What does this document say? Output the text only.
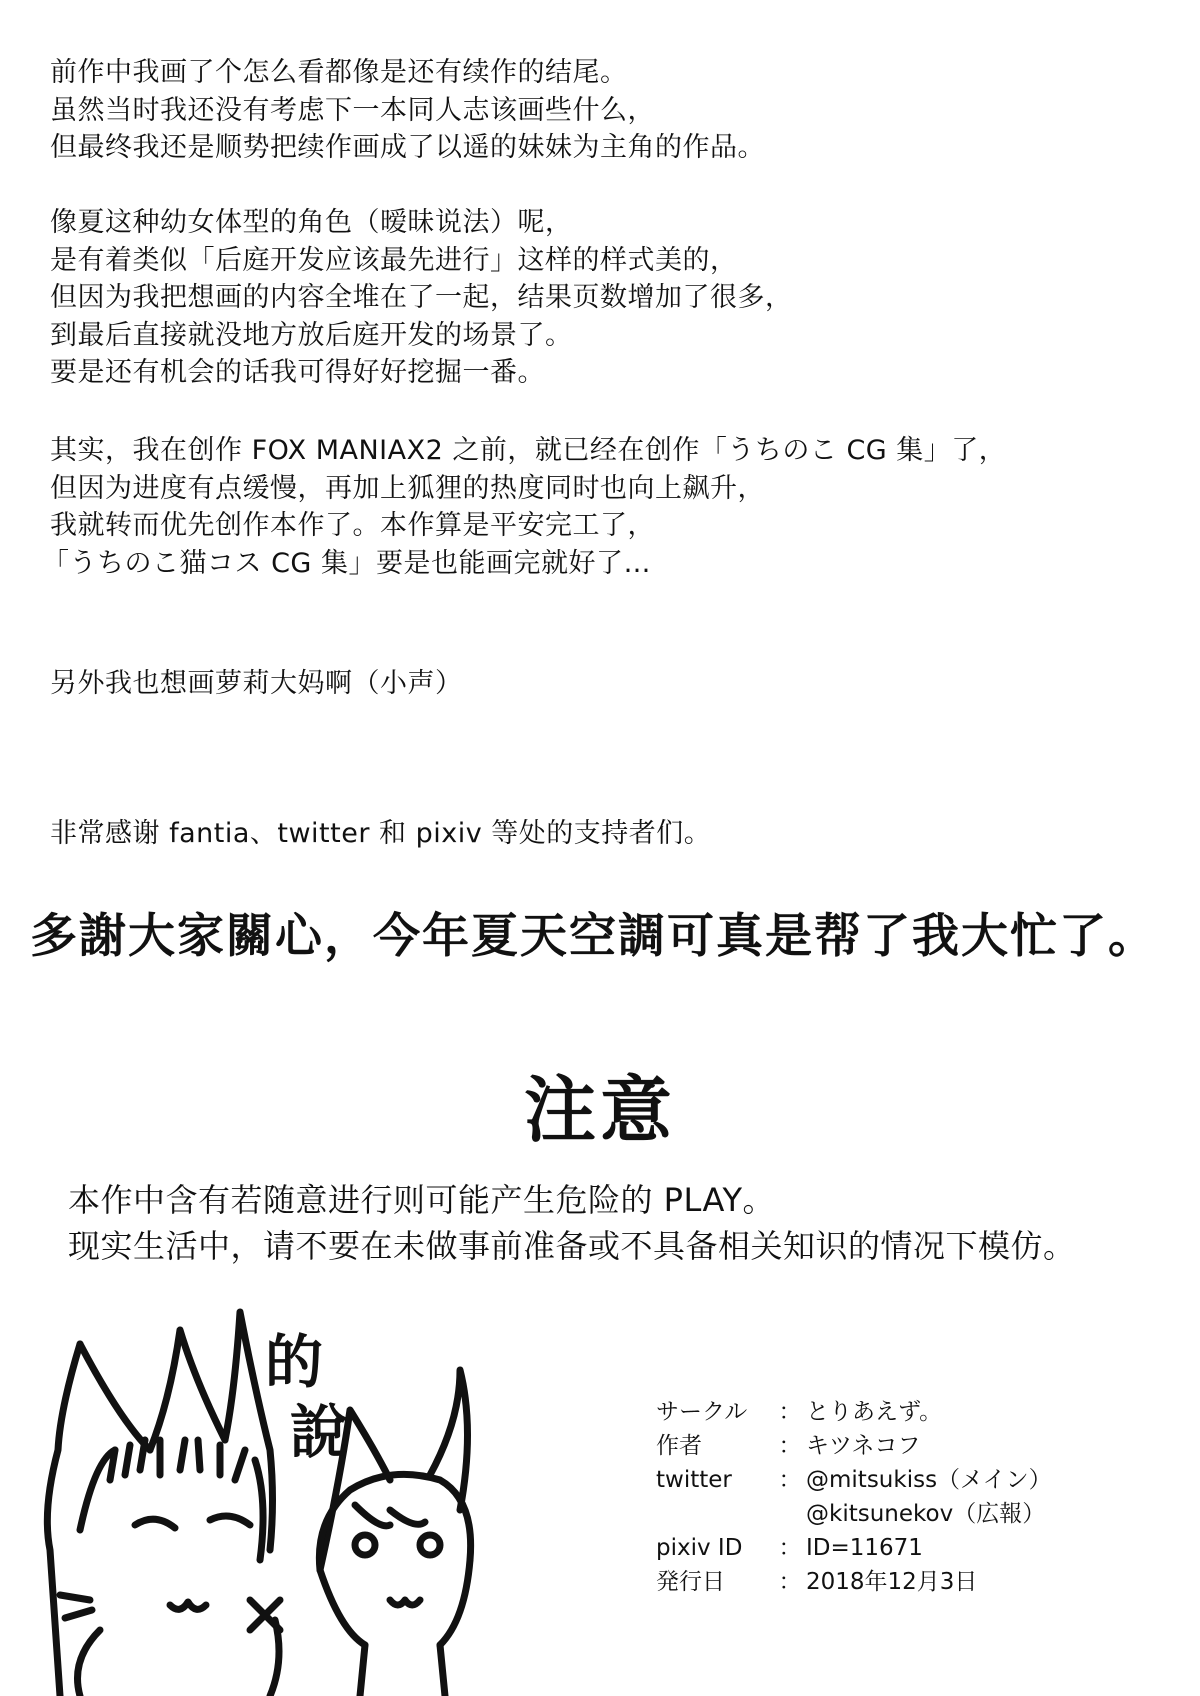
前作中我画了个怎么看都像是还有续作的结尾。
虽然当时我还没有考虑下一本同人志该画些什么，
但最终我还是顺势把续作画成了以遥的妹妹为主角的作品。
像夏这种幼女体型的角色（暧昧说法）呢，
是有着类似「后庭开发应该最先进行」这样的样式美的，
但因为我把想画的内容全堆在了一起，结果页数增加了很多，
到最后直接就没地方放后庭开发的场景了。
要是还有机会的话我可得好好挖掘一番。
其实，我在创作 FOX MANIAX2 之前，就已经在创作「うちのこ CG 集」了，
但因为进度有点缓慢，再加上狐狸的热度同时也向上飙升，
我就转而优先创作本作了。本作算是平安完工了，
「うちのこ猫コス CG 集」要是也能画完就好了…
另外我也想画萝莉大妈啊（小声）
非常感谢 fantia、twitter 和 pixiv 等处的支持者们。
多謝大家關心，今年夏天空調可真是帮了我大忙了。
注意
本作中含有若随意进行则可能产生危险的 PLAY。
现实生活中，请不要在未做事前准备或不具备相关知识的情况下模仿。
的
說	サークル	： とりあえず。
作者	： キツネコフ
twitter	： @mitsukiss（メイン）
@kitsunekov（広報）
pixiv ID	： ID=11671
発行日	： 2018年12月3日
